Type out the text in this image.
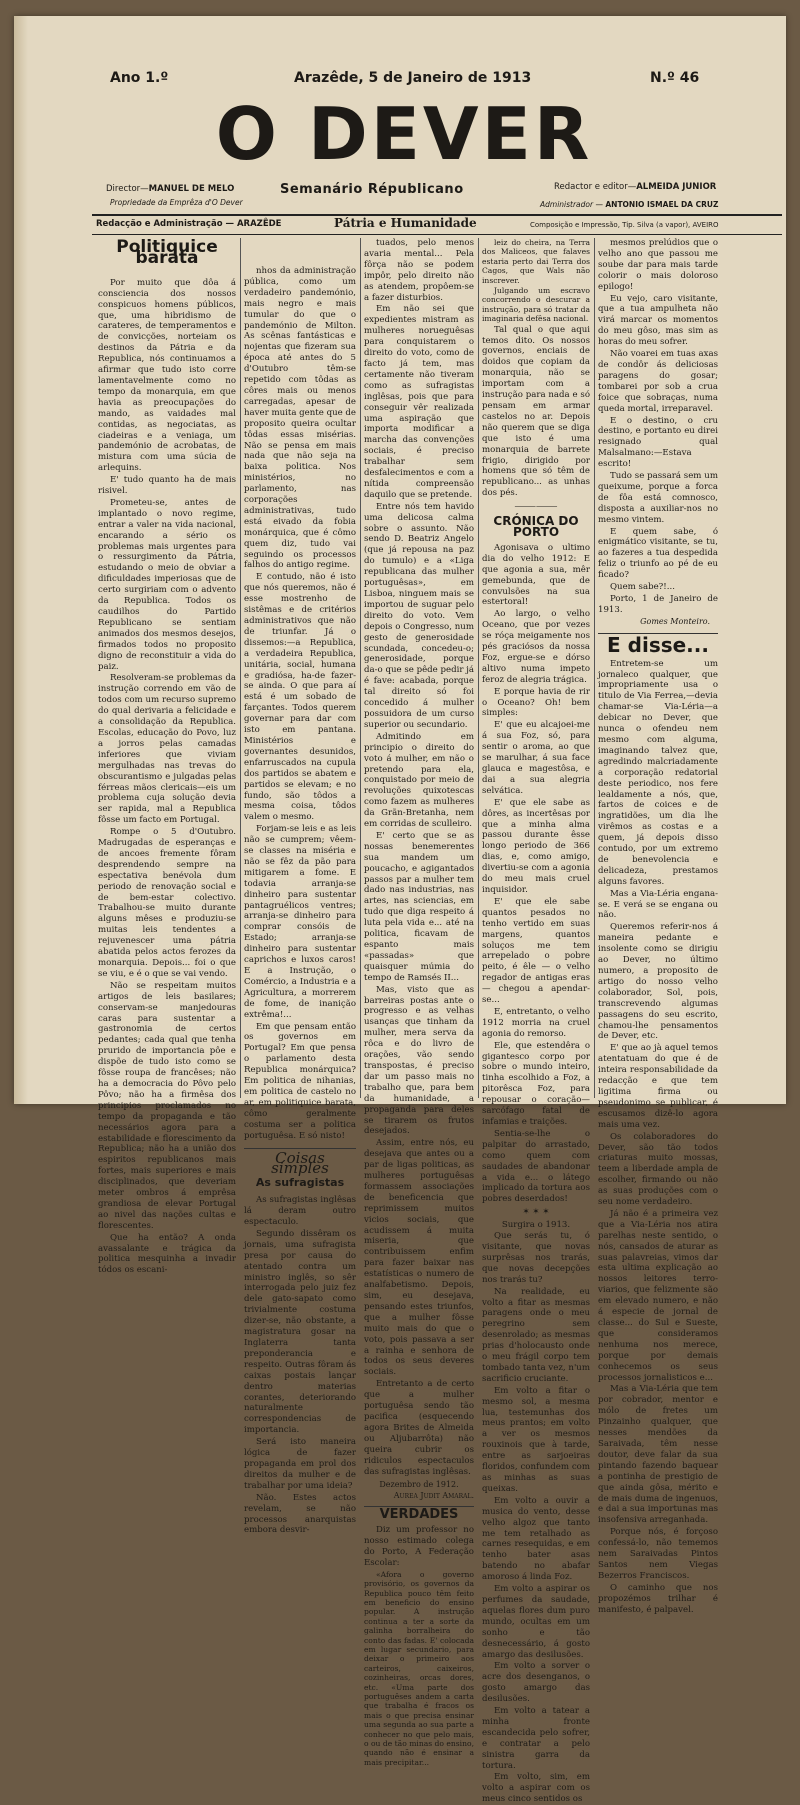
Ano 1.º	Arazêde, 5 de Janeiro de 1913	N.º 46
O DEVER
Director—MANUEL DE MELO
Propriedade da Emprêza d'O Dever
Semanário Républicano	Redactor e editor—ALMEIDA JUNIOR
Administrador — ANTONIO ISMAEL DA CRUZ
Redacção e Administração — ARAZÊDE	Pátria e Humanidade	Composição e Impressão, Tip. Silva (a vapor), AVEIRO
Politiquice barata

Por muito que dôa á consciencia dos nossos conspicuos homens públicos, que, uma hibridismo de carateres, de temperamentos e de convicções, norteiam os destinos da Pátria e da Republica, nós continuamos a afirmar que tudo isto corre lamentavelmente como no tempo da monarquia, em que havia as preocupações do mando, as vaidades mal contidas, as negociatas, as ciadeiras e a veniaga, um pandemónio de acrobatas, de mistura com uma súcia de arlequins.

E' tudo quanto ha de mais risivel.

Prometeu-se, antes de implantado o novo regime, entrar a valer na vida nacional, encarando a sério os problemas mais urgentes para o ressurgimento da Pátria, estudando o meio de obviar a dificuldades imperiosas que de certo surgiriam com o advento da Republica. Todos os caudilhos do Partido Republicano se sentiam animados dos mesmos desejos, firmados todos no proposito digno de reconstituir a vida do paiz.

Resolveram-se problemas da instrução correndo em vão de todos com um recurso supremo do qual derivaria a felicidade e a consolidação da Republica. Escolas, educação do Povo, luz a jorros pelas camadas inferiores que viviam mergulhadas nas trevas do obscurantismo e julgadas pelas férreas mãos clericais—eis um problema cuja solução devia ser rapida, mal a Republica fôsse um facto em Portugal.

Rompe o 5 d'Outubro. Madrugadas de esperanças e de ancoes fremente fôram desprendendo sempre na espectativa benévola dum periodo de renovação social e de bem-estar colectivo. Trabalhou-se muito durante alguns mêses e produziu-se muitas leis tendentes a rejuvenescer uma pátria abatida pelos actos ferozes da monarquia. Depois... foi o que se viu, e é o que se vai vendo.

Não se respeitam muitos artigos de leis basilares; conservam-se manjedouras caras para sustentar a gastronomia de certos pedantes; cada qual que tenha prurido de importancia pôe e dispõe de tudo isto como se fôsse roupa de francêses; não ha a democracia do Pôvo pelo Pôvo; não ha a firmêsa dos principios proclamados no tempo da propaganda e tão necessários agora para a estabilidade e florescimento da Republica; não ha a união dos espiritos republicanos mais fortes, mais superiores e mais disciplinados, que deveriam meter ombros á emprêsa grandiosa de elevar Portugal ao nivel das nações cultas e florescentes.

Que ha então? A onda avassalante e trágica da politica mesquinha a invadir tódos os escani-

nhos da administração pública, como um verdadeiro pandemónio, mais negro e mais tumular do que o pandemónio de Milton. As scênas fantásticas e nojentas que fizeram sua época até antes do 5 d'Outubro têm-se repetido com tôdas as côres mais ou menos carregadas, apesar de haver muita gente que de proposito queira ocultar tôdas essas misérias. Não se pensa em mais nada que não seja na baixa politica. Nos ministérios, no parlamento, nas corporações administrativas, tudo está eivado da fobia monárquica, que é cômo quem diz, tudo vai seguindo os processos falhos do antigo regime.

E contudo, não é isto que nós queremos, não é esse mostrenho de sistêmas e de critérios administrativos que não de triunfar. Já o dissemos:—a Republica, a verdadeira Republica, unitária, social, humana e gradiósa, ha-de fazer-se ainda. O que para aí está é um sobado de farçantes. Todos querem governar para dar com isto em pantana. Ministérios e governantes desunidos, enfarruscados na cupula dos partidos se abatem e partidos se elevam; e no fundo, são tôdos a mesma coisa, tôdos valem o mesmo.

Forjam-se leis e as leis não se cumprem; vêem-se classes na miséria e não se fêz da pão para mitigarem a fome. E todavia arranja-se dinheiro para sustentar pantagruélicos ventres; arranja-se dinheiro para comprar consóis de Estado; arranja-se dinheiro para sustentar caprichos e luxos caros! E a Instrução, o Comércio, a Industria e a Agricultura, a morrerem de fome, de inanição extrêma!...

Em que pensam então os governos em Portugal? Em que pensa o parlamento desta Republica monárquica? Em politica de nihanias, em politica de castelo no ar, em politiquice barata, cômo geralmente costuma ser a politica portuguêsa. E só nisto!

Coisas simples
As sufragistas

As sufragistas inglêsas lá deram outro espectaculo.

Segundo dissêram os jornais, uma sufragista presa por causa do atentado contra um ministro inglês, so sêr interrogada pelo juiz fez dele gato-sapato como trivialmente costuma dizer-se, não obstante, a magistratura gosar na Inglaterra tanta preponderancia e respeito. Outras fôram ás caixas postais lançar dentro materias corantes, deteriorando naturalmente correspondencias de importancia.

Será isto maneira lógica de fazer propaganda em prol dos direitos da mulher e de trabalhar por uma ideia?

Não. Estes actos revelam, se não processos anarquistas embora desvir-

tuados, pelo menos avaria mental... Pela fôrça não se podem impôr, pelo direito não as atendem, propôem-se a fazer disturbios.

Em não sei que expedientes mistram as mulheres norueguêsas para conquistarem o direito do voto, como de facto já tem, mas certamente não tiveram como as sufragistas inglêsas, pois que para conseguir vêr realizada uma aspiração que importa modificar a marcha das convenções sociais, é preciso trabalhar sem desfalecimentos e com a nítida compreensão daquilo que se pretende.

Entre nós tem havido uma delicosa calma sobre o assunto. Não sendo D. Beatriz Angelo (que já repousa na paz do tumulo) e a «Liga republicana das mulher portuguêsas», em Lisboa, ninguem mais se importou de suguar pelo direito do voto. Vem depois o Congresso, num gesto de generosidade scundada, concedeu-o; generosidade, porque da-o que se pêde pedir já é fave: acabada, porque tal direito só foi concedido á mulher possuidora de um curso superior ou secundario.

Admitindo em principio o direito do voto á mulher, em não o pretendo para ela, conquistado por meio de revoluções quixotescas como fazem as mulheres da Grãn-Bretanha, nem em corridas de sculleiro.

E' certo que se as nossas benemerentes sua mandem um poucacho, e agigantados passos par a mulher tem dado nas industrias, nas artes, nas sciencias, em tudo que diga respeito á luta pela vida e... até na politica, ficavam de espanto mais «passadas» que quaisquer múmia do tempo de Ramsés II...

Mas, visto que as barreiras postas ante o progresso e as velhas usanças que tinham da mulher, mera serva da rôca e do livro de orações, vão sendo transpostas, é preciso dar um passo mais no trabalho que, para bem da humanidade, a propaganda para deles se tirarem os frutos desejados.

Assim, entre nós, eu desejava que antes ou a par de ligas politicas, as mulheres portuguêsas formassem associações de beneficencia que reprimissem muitos vicios sociais, que acudissem á muita miseria, que contribuissem enfim para fazer baixar nas estatísticas o numero de analfabetismo. Depois, sim, eu desejava, pensando estes triunfos, que a mulher fôsse muito mais do que o voto, pois passava a ser a rainha e senhora de todos os seus deveres sociais.

Entretanto a de certo que a mulher portuguêsa sendo tão pacifica (esquecendo agora Brites de Almeida ou Aljubarrôta) não queira cubrir os ridiculos espectaculos das sufragistas inglêsas.

Dezembro de 1912.
Aurea Judit Amaral.
VERDADES

Diz um professor no nosso estimado colega do Porto, A Federação Escolar:

«Afora o governo provisório, os governos da Republica pouco têm feito em beneficio do ensino popular. A instrução continua a ter a sorte da galinha borralheira do conto das fadas. E' colocada em lugar secundario, para deixar o primeiro aos carteiros, caixeiros, cozinheiras, orcas dores, etc. «Uma parte dos portuguêses andem a carta que trabalha é fracos os mais o que precisa ensinar uma segunda ao sua parte a conhecer no que pelo mais, o ou de tão minas do ensino, quando não é ensinar a mais precipitar...

leiz do cheira, na Terra dos Maliceos, que falaves estaria perto dai Terra dos Cagos, que Wals não inscrever.

Julgando um escravo concorrendo o descurar a instrução, para só tratar da imaginaria defêsa nacional.

Tal qual o que aqui temos dito. Os nossos governos, enciais de doidos que copiam da monarquia, não se importam com a instrução para nada e só pensam em armar castelos no ar. Depois não querem que se diga que isto é uma monarquia de barrete frigio, dirigido por homens que só têm de republicano... as unhas dos pés.

⸻⸻
CRÓNICA DO PORTO

Agonisava o ultimo dia do velho 1912: E que agonia a sua, mêr gemebunda, que de convulsões na sua estertoral!

Ao largo, o velho Oceano, que por vezes se róça meigamente nos pés graciósos da nossa Foz, ergue-se e dórso altivo numa impeto feroz de alegria trágica.

E porque havia de rir o Oceano? Oh! bem simples:

E' que eu alcajoei-me á sua Foz, só, para sentir o aroma, ao que se marulhar, á sua face glauca e magestôsa, e dai a sua alegria selvática.

E' que ele sabe as dôres, as incertêsas por que a minha alma passou durante êsse longo periodo de 366 dias, e, como amigo, divertiu-se com a agonia do meu mais cruel inquisidor.

E' que ele sabe quantos pesados no tenho vertido em suas margens, quantos soluços me tem arrepelado o pobre peito, é êle — o velho regador de antigas eras — chegou a apendar-se...

E, entretanto, o velho 1912 morria na cruel agonia do remorso.

Ele, que estendêra o gigantesco corpo por sobre o mundo inteiro, tinha escolhido a Foz, a pitorêsca Foz, para repousar o coração—sarcófago fatal de infamias e traições.

Sentia-se-lhe o palpitar do arrastado, como quem com saudades de abandonar a vida e... o látego implicado da tortura aos pobres deserdados!

✶ ✶ ✶
Surgira o 1913.

Que serás tu, ó visitante, que novas surprêsas nos trarás, que novas decepções nos trarás tu?

Na realidade, eu volto a fitar as mesmas paragens onde o meu peregrino sem desenrolado; as mesmas prias d'holocausto onde o meu frágil corpo tem tombado tanta vez, n'um sacrificio cruciante.

Em volto a fitar o mesmo sol, a mesma lua, testemunhas dos meus prantos; em volto a ver os mesmos rouxinois que à tarde, entre as sarjoeiras floridos, confundem com as minhas as suas queixas.

Em volto a ouvir a musica do vento, desse velho algoz que tanto me tem retalhado as carnes resequidas, e em tenho bater asas batendo no abafar amoroso á linda Foz.

Em volto a aspirar os perfumes da saudade, aquelas flores dum puro mundo, ocultas em um sonho e tão desnecessário, á gosto amargo das desilusões.

Em volto a sorver o acre dos desenganos, o gosto amargo das desilusões.

Em volto a tatear a minha fronte escandecida pelo sofrer, e contratar a pelo sinistra garra da tortura.

Em volto, sim, em volto a aspirar com os meus cinco sentidos os

mesmos prelúdios que o velho ano que passou me soube dar para mais tarde colorir o mais doloroso epilogo!

Eu vejo, caro visitante, que a tua ampulheta não virá marcar os momentos do meu gôso, mas sim as horas do meu sofrer.

Não voarei em tuas axas de condôr ás deliciosas paragens do gosar; tombarei por sob a crua foice que sobraças, numa queda mortal, irreparavel.

E o destino, o cru destino, e portanto eu direi resignado qual Malsalmano:—Estava escrito!

Tudo se passará sem um queixume, porque a forca de fôa está comnosco, disposta a auxiliar-nos no mesmo vintem.

E quem sabe, ó enigmático visitante, se tu, ao fazeres a tua despedida feliz o triunfo ao pé de eu ficado?

Quem sabe?!...

Porto, 1 de Janeiro de 1913.

Gomes Monteiro.
E disse...

Entretem-se um jornaleco qualquer, que impropriamente usa o titulo de Via Ferrea,—devia chamar-se Via-Léria—a debicar no Dever, que nunca o ofendeu nem mesmo com alguma, imaginando talvez que, agredindo malcriadamente a corporação redatorial deste periodico, nos fere lealdamente a nós, que, fartos de coices e de ingratidões, um dia lhe virêmos as costas e a quem, já depois disso contudo, por um extremo de benevolencia e delicadeza, prestamos alguns favores.

Mas a Via-Léria engana-se. E verá se se engana ou não.

Queremos referir-nos á maneira pedante e insolente como se dirigiu ao Dever, no último numero, a proposito de artigo do nosso velho colaborador, Sol, pois, transcrevendo algumas passagens do seu escrito, chamou-lhe pensamentos de Dever, etc.

E' que ao jà aquel temos atentatuam do que é de inteira responsabilidade da redacção e que tem ligitima firma ou pseudonimo se publicar, é escusamos dizê-lo agora mais uma vez.

Os colaboradores do Dever, são tão todos criaturas muito mossas, teem a liberdade ampla de escolher, firmando ou não as suas produções com o seu nome verdadeiro.

Já não é a primeira vez que a Via-Léria nos atira parelhas neste sentido, o nós, cansados de aturar as suas palavreias, vimos dar esta ultima explicação ao nossos leitores terro-viarios, que felizmente são em elevado numero, e não á especie de jornal de classe... do Sul e Sueste, que consideramos nenhuma nos merece, porque por demais conhecemos os seus processos jornalisticos e...

Mas a Via-Léria que tem por cobrador, mentor e mólo de fretes um Pinzainho qualquer, que nesses mendões da Saraivada, têm nesse doutor, deve falar da sua pintando fazendo baquear a pontinha de prestigio de que ainda gôsa, mérito e de mais duma de ingenuos, e dai a sua importunas mas insofensiva arreganhada.

Porque nós, é forçoso confessá-lo, não tememos nem Saraivadas Pintos Santos nem Viegas Bezerros Franciscos.

O caminho que nos propozémos trilhar é manifesto, é palpavel.
